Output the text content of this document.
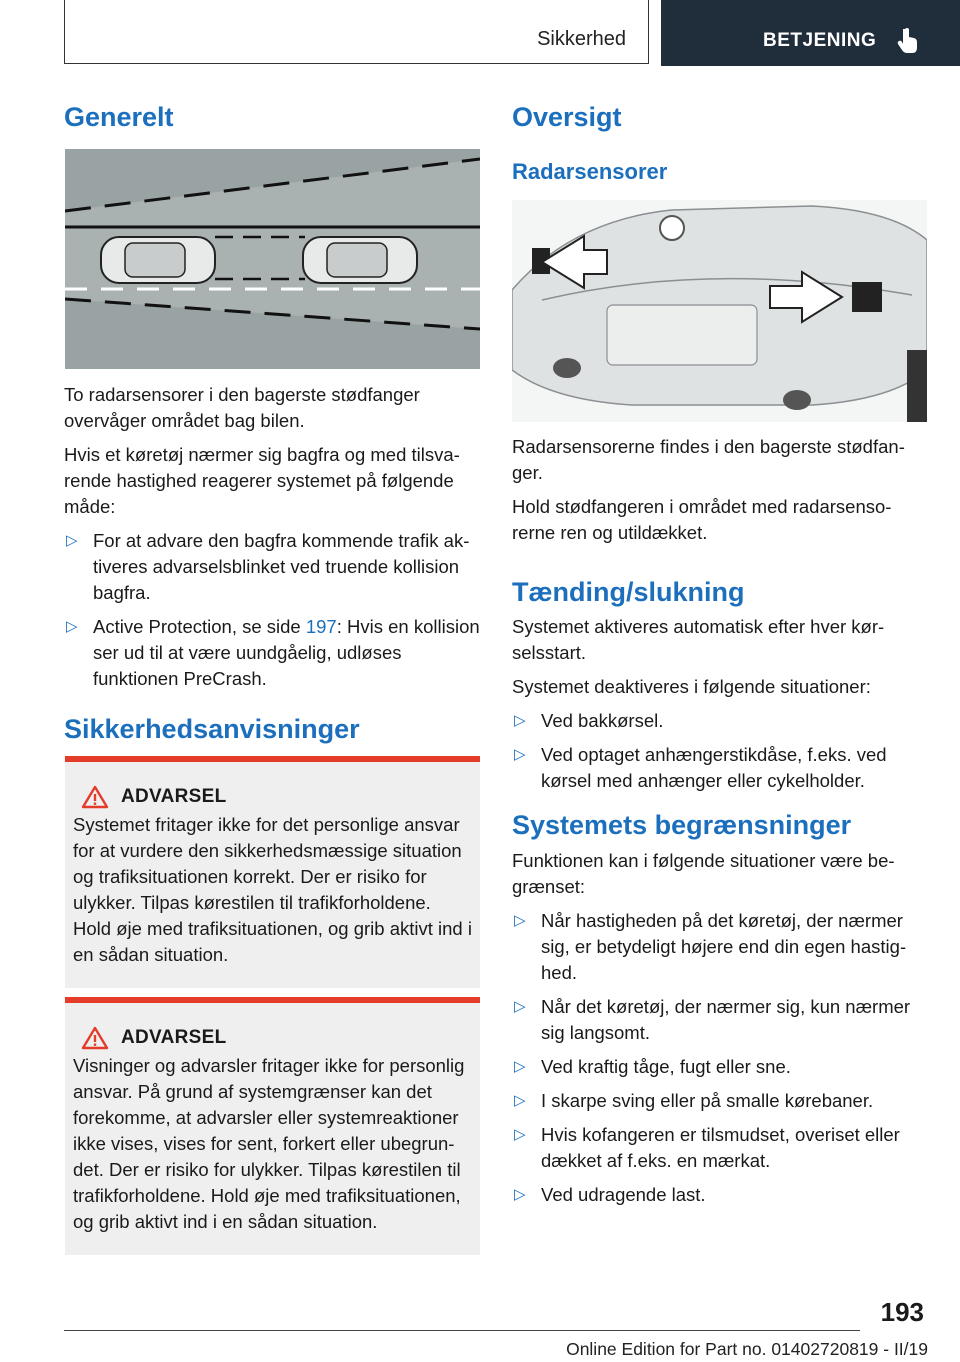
Sikkerhed	BETJENING
Generelt

To radarsensorer i den bagerste stødfanger overvåger området bag bilen.

Hvis et køretøj nærmer sig bagfra og med tilsvarende hastighed reagerer systemet på følgende måde:

▷ For at advare den bagfra kommende trafik aktiveres advarselsblinket ved truende kollision bagfra.
▷ Active Protection, se side 197: Hvis en kollision ser ud til at være uundgåelig, udløses funktionen PreCrash.
Sikkerhedsanvisninger
ADVARSEL
Systemet fritager ikke for det personlige ansvar for at vurdere den sikkerhedsmæssige situation og trafiksituationen korrekt. Der er risiko for ulykker. Tilpas kørestilen til trafikforholdene. Hold øje med trafiksituationen, og grib aktivt ind i en sådan situation.
ADVARSEL
Visninger og advarsler fritager ikke for personlig ansvar. På grund af systemgrænser kan det forekomme, at advarsler eller systemreaktioner ikke vises, vises for sent, forkert eller ubegrundet. Der er risiko for ulykker. Tilpas kørestilen til trafikforholdene. Hold øje med trafiksituationen, og grib aktivt ind i en sådan situation.
Oversigt
Radarsensorer

Radarsensorerne findes i den bagerste stødfanger.

Hold stødfangeren i området med radarsensorerne ren og utildækket.

Tænding/slukning

Systemet aktiveres automatisk efter hver kørselsstart.

Systemet deaktiveres i følgende situationer:

▷ Ved bakkørsel.
▷ Ved optaget anhængerstikdåse, f.eks. ved kørsel med anhænger eller cykelholder.
Systemets begrænsninger

Funktionen kan i følgende situationer være begrænset:

▷ Når hastigheden på det køretøj, der nærmer sig, er betydeligt højere end din egen hastighed.
▷ Når det køretøj, der nærmer sig, kun nærmer sig langsomt.
▷ Ved kraftig tåge, fugt eller sne.
▷ I skarpe sving eller på smalle kørebaner.
▷ Hvis kofangeren er tilsmudset, overiset eller dækket af f.eks. en mærkat.
▷ Ved udragende last.
193
Online Edition for Part no. 01402720819 - II/19
